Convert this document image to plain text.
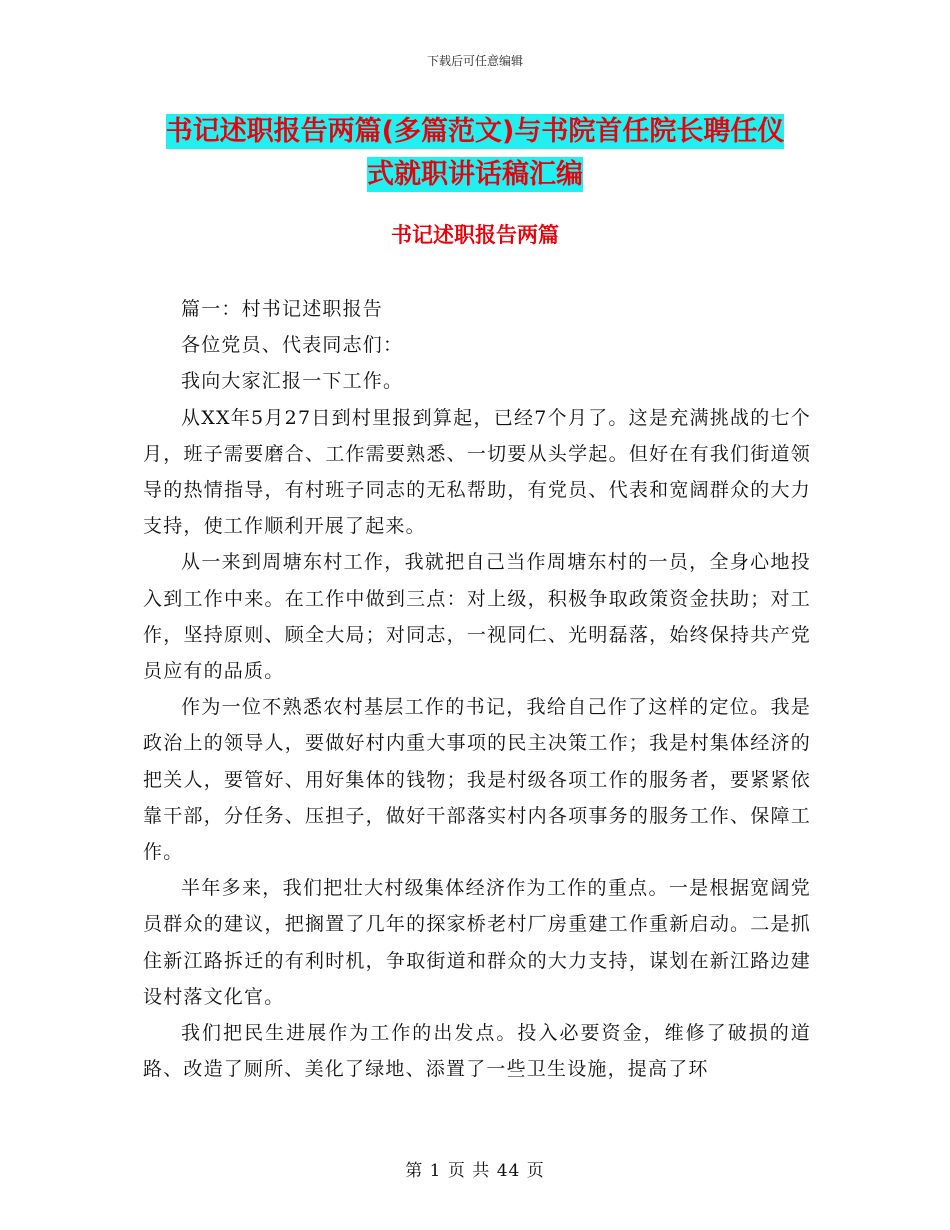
下载后可任意编辑
书记述职报告两篇(多篇范文)与书院首任院长聘任仪
式就职讲话稿汇编
书记述职报告两篇

篇一：村书记述职报告

各位党员、代表同志们：

我向大家汇报一下工作。

从XX年5月27日到村里报到算起，已经7个月了。这是充满挑战的七个月，班子需要磨合、工作需要熟悉、一切要从头学起。但好在有我们街道领导的热情指导，有村班子同志的无私帮助，有党员、代表和宽阔群众的大力支持，使工作顺利开展了起来。

从一来到周塘东村工作，我就把自己当作周塘东村的一员，全身心地投入到工作中来。在工作中做到三点：对上级，积极争取政策资金扶助；对工作，坚持原则、顾全大局；对同志，一视同仁、光明磊落，始终保持共产党员应有的品质。

作为一位不熟悉农村基层工作的书记，我给自己作了这样的定位。我是政治上的领导人，要做好村内重大事项的民主决策工作；我是村集体经济的把关人，要管好、用好集体的钱物；我是村级各项工作的服务者，要紧紧依靠干部，分任务、压担子，做好干部落实村内各项事务的服务工作、保障工作。

半年多来，我们把壮大村级集体经济作为工作的重点。一是根据宽阔党员群众的建议，把搁置了几年的探家桥老村厂房重建工作重新启动。二是抓住新江路拆迁的有利时机，争取街道和群众的大力支持，谋划在新江路边建设村落文化官。

我们把民生进展作为工作的出发点。投入必要资金，维修了破损的道路、改造了厕所、美化了绿地、添置了一些卫生设施，提高了环

第 1 页 共 44 页
